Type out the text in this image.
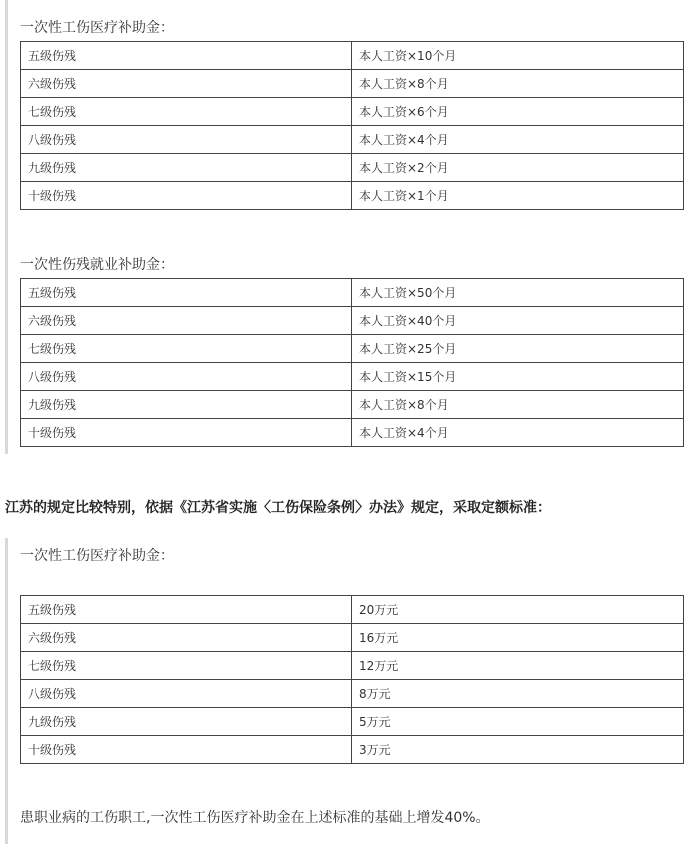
一次性工伤医疗补助金：
五级伤残	本人工资×10个月
六级伤残	本人工资×8个月
七级伤残	本人工资×6个月
八级伤残	本人工资×4个月
九级伤残	本人工资×2个月
十级伤残	本人工资×1个月
一次性伤残就业补助金：
五级伤残	本人工资×50个月
六级伤残	本人工资×40个月
七级伤残	本人工资×25个月
八级伤残	本人工资×15个月
九级伤残	本人工资×8个月
十级伤残	本人工资×4个月
江苏的规定比较特别，依据《江苏省实施〈工伤保险条例〉办法》规定，采取定额标准：
一次性工伤医疗补助金：
五级伤残	20万元
六级伤残	16万元
七级伤残	12万元
八级伤残	8万元
九级伤残	5万元
十级伤残	3万元
患职业病的工伤职工,一次性工伤医疗补助金在上述标准的基础上增发40%。
